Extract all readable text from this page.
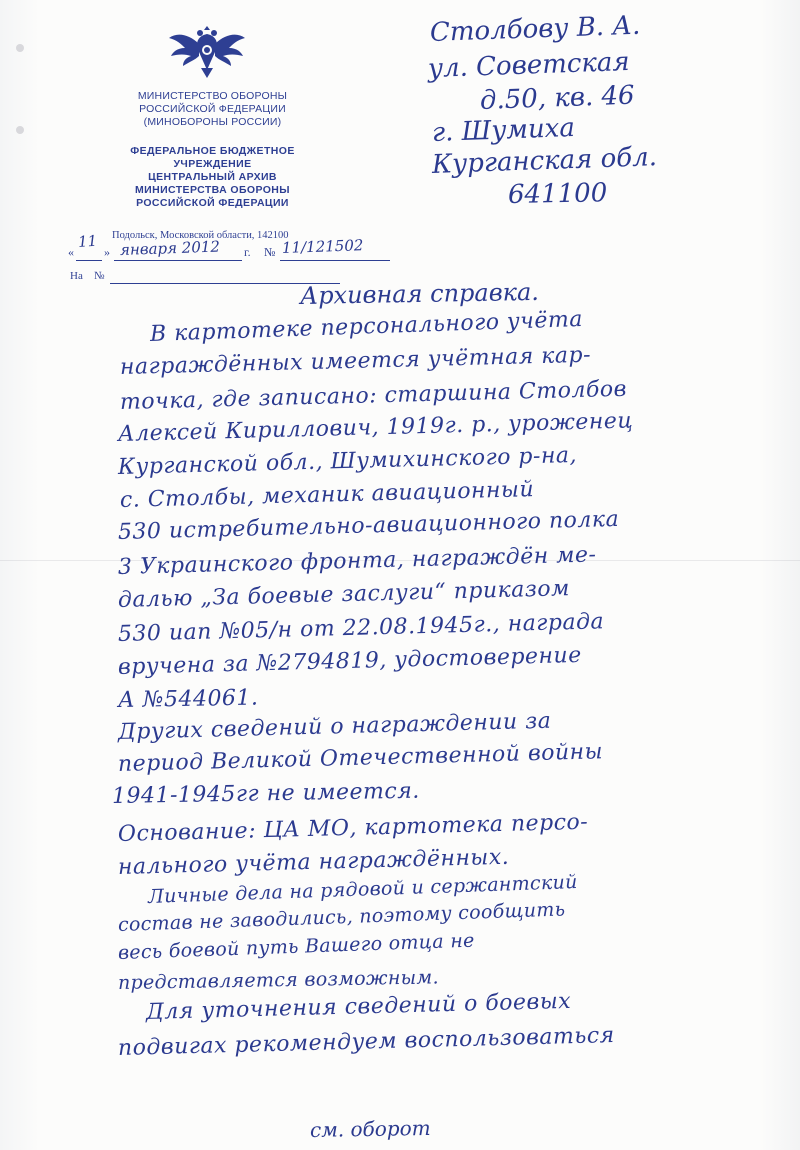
МИНИСТЕРСТВО ОБОРОНЫ
РОССИЙСКОЙ ФЕДЕРАЦИИ
(МИНОБОРОНЫ РОССИИ)
ФЕДЕРАЛЬНОЕ БЮДЖЕТНОЕ
УЧРЕЖДЕНИЕ
ЦЕНТРАЛЬНЫЙ АРХИВ
МИНИСТЕРСТВА ОБОРОНЫ
РОССИЙСКОЙ ФЕДЕРАЦИИ
Подольск, Московской области, 142100
«	»	г. №
11 января 2012	11/121502
На №
Столбову В. А.
ул. Советская
д.50, кв. 46
г. Шумиха
Курганская обл.
641100
Архивная справка.
В картотеке персонального учёта
награждённых имеется учётная кар-
точка, где записано: старшина Столбов
Алексей Кириллович, 1919г. р., уроженец
Курганской обл., Шумихинского р-на,
с. Столбы, механик авиационный
530 истребительно-авиационного полка
3 Украинского фронта, награждён ме-
далью „За боевые заслуги“ приказом
530 иап №05/н от 22.08.1945г., награда
вручена за №2794819, удостоверение
А №544061.
Других сведений о награждении за
период Великой Отечественной войны
1941-1945гг не имеется.
Основание: ЦА МО, картотека персо-
нального учёта награждённых.
Личные дела на рядовой и сержантский
состав не заводились, поэтому сообщить
весь боевой путь Вашего отца не
представляется возможным.
Для уточнения сведений о боевых
подвигах рекомендуем воспользоваться
см. оборот
